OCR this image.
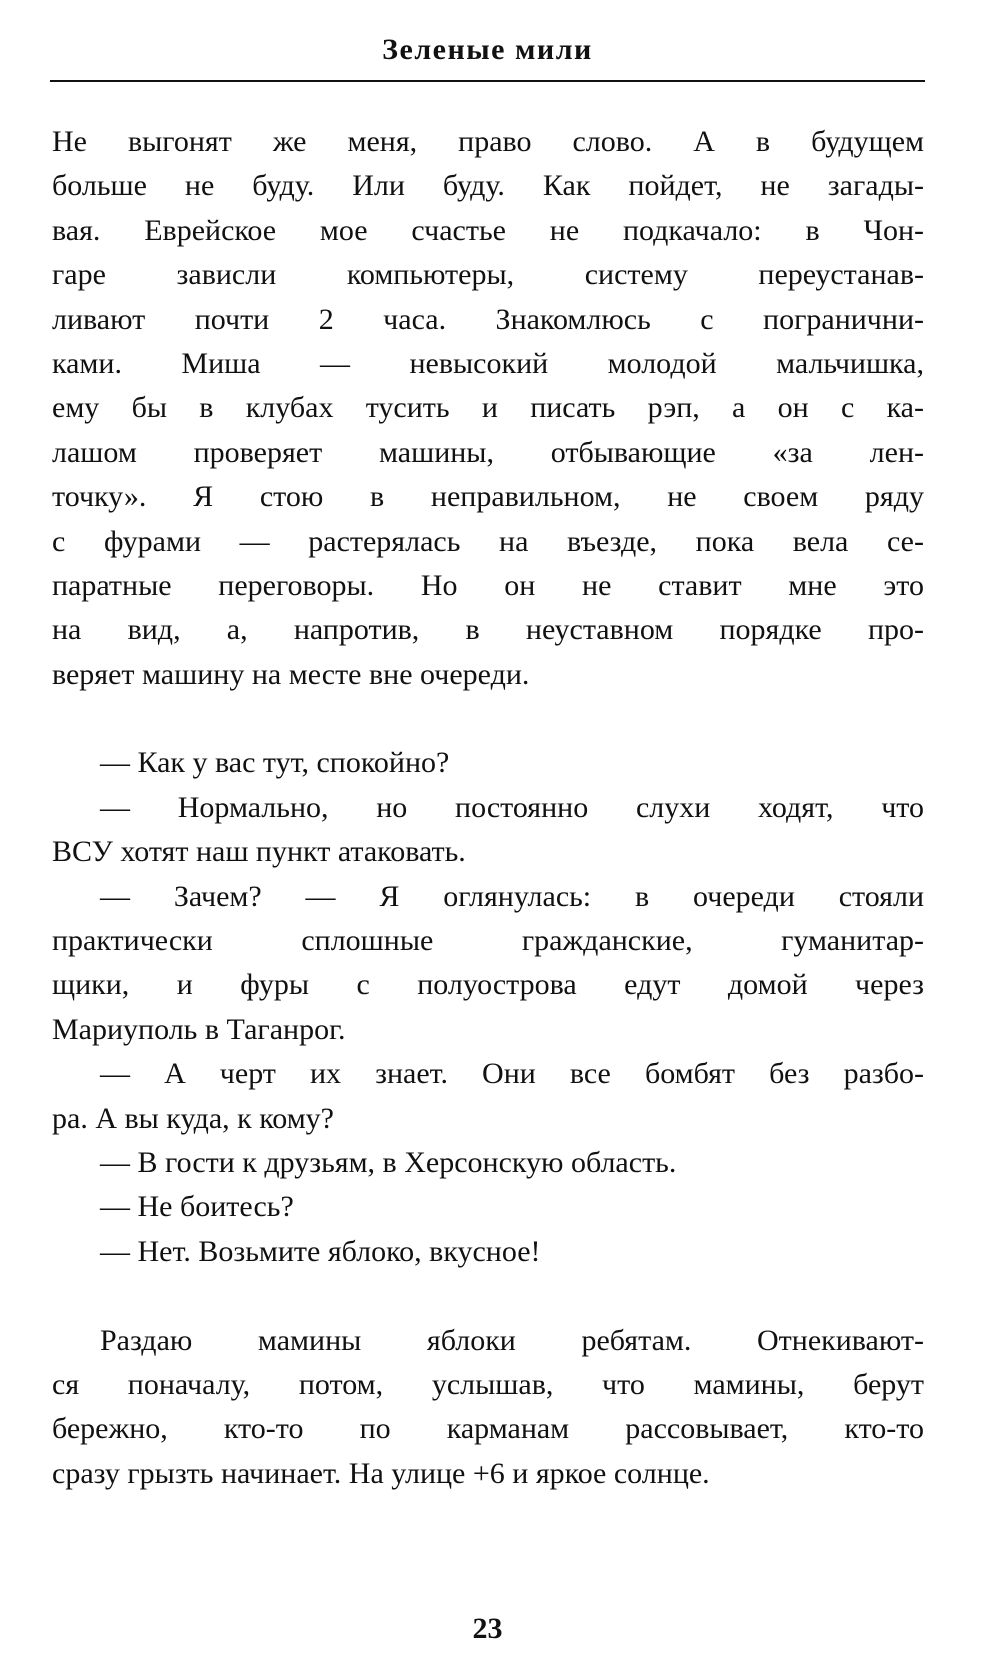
Зеленые мили
Не выгонят же меня, право слово. А в будущем
больше не буду. Или буду. Как пойдет, не загады-
вая. Еврейское мое счастье не подкачало: в Чон-
гаре зависли компьютеры, систему переустанав-
ливают почти 2 часа. Знакомлюсь с погранични-
ками. Миша — невысокий молодой мальчишка,
ему бы в клубах тусить и писать рэп, а он с ка-
лашом проверяет машины, отбывающие «за лен-
точку». Я стою в неправильном, не своем ряду
с фурами — растерялась на въезде, пока вела се-
паратные переговоры. Но он не ставит мне это
на вид, а, напротив, в неуставном порядке про-
веряет машину на месте вне очереди.
— Как у вас тут, спокойно?
— Нормально, но постоянно слухи ходят, что
ВСУ хотят наш пункт атаковать.
— Зачем? — Я оглянулась: в очереди стояли
практически сплошные гражданские, гуманитар-
щики, и фуры с полуострова едут домой через
Мариуполь в Таганрог.
— А черт их знает. Они все бомбят без разбо-
ра. А вы куда, к кому?
— В гости к друзьям, в Херсонскую область.
— Не боитесь?
— Нет. Возьмите яблоко, вкусное!
Раздаю мамины яблоки ребятам. Отнекивают-
ся поначалу, потом, услышав, что мамины, берут
бережно, кто-то по карманам рассовывает, кто-то
сразу грызть начинает. На улице +6 и яркое солнце.
23
